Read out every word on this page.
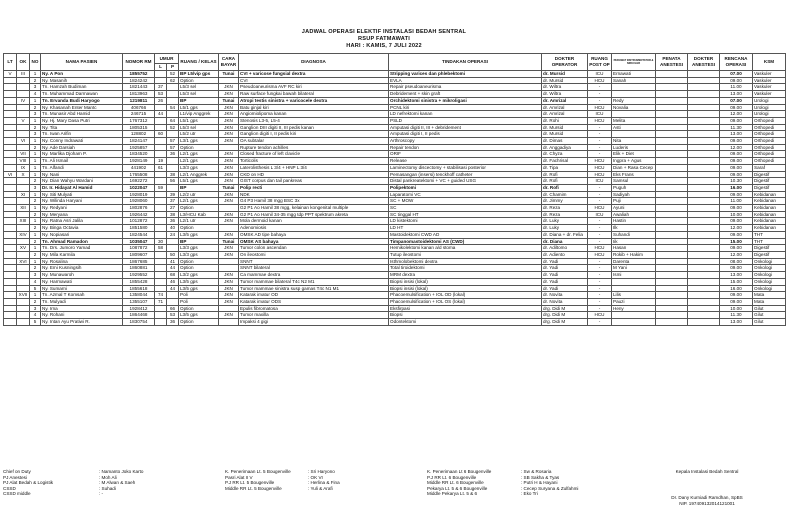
JADWAL OPERASI ELEKTIF INSTALASI BEDAH SENTRAL
RSUP FATMAWATI
HARI : KAMIS, 7 JULI 2022
LT	OK	NO	NAMA PASIEN	NOMOR RM	UMUR		RUANG / KELAS	CARA BAYAR	DIAGNOSA	TINDAKAN OPERASI	DOKTER OPERATOR	RUANG POST OP	PERAWAT INSTRUMENTATOR & SIRKULER	PENATA ANESTESI	DOKTER ANESTESI	RENCANA OPERASI	KSM
					L	P											
V	III	1	Ny. A Pon	1855752		52	BP L5/vip gps	Tunai	CVI + varicose fungsial dextra	Stripping varices dan phlebektomi	dr. Mursid	ICU	Ernawati			07.00	Vaskuler
		2	Ny. Masanih	1824242		62	Option		CVI	EVLA	dr. Mursid	HCU	Sanah			09.00	Vaskuler
		3	Tn. Hamzah Budiman	1821443	37		L5/3 sel	JKN	Pseudoaneurisma AVF RC kiri	Repair pseudoaneurisma	dr. Wiltra	-				11.00	Vaskuler
		4	Tn. Muhammad Darmawan	1813963	53		L5/3 sel	JKN	Raw surface fungkai bawah bilateral	Debridement + skin graft	dr. Wiltra	-				13.00	Vaskuler
	IV	1	Tn. Ervanda Budi Haryogo	1219811	26		BP	Tunai	Atropi testis sinistra + varicocele dextra	Orchidektomi sinistra + mikroligasi	dr. Amrizal	-	Redy			07.00	Urologi
		2	Ny. Khasanah Enter Mantc	406766		54	L5/1 gps	JKN	Batu ginjal kiri	PCNL kiri	dr. Amrizal	HCU	Novalia			09.00	Urologi
		3	Tn. Munasir Abd Hamid	246715	44		L1/vip Anggrek	JKN	Angiomiolipoma kanan	LD nefrektomi kanan	dr. Amrizal	ICU				12.00	Urologi
	V	1	Ny. Hj. Mary Dasa Putri	1767312		64	L5/1 gps	JKN	Stenosis L3-5, L5-4	PSLD	dr. Rohi	HCU	Melita			09.00	Orthopedi
		2	Ny. Tita	1805315		52	L5/3 sel	JKN	Ganglion DIII digiti II, III pedis kanan	Amputasi digiti II, III + debridement	dr. Mursid	-	Asti			11.30	Orthopedi
		3	Tn. Iwan Arifin	128802	60		L5/2 utr	JKN	Ganglion digiti I, II pedis kiri	Amputasi digiti I, II pedis	dr. Mursid	-				13.00	Orthopedi
	VI	1	Ny. Conny Indrawati	1824147		57	L3/1 gps	JKN	OA subtalar	Arthroscopy	dr. Dimas	-	Nita			09.00	Orthopedi
		2	Ny. Ade Darsiah	1925857		57	Option		Rupture tendon achilles	Repair tendon	dr. Anggadiya	-	Luderis			12.00	Orthopedi
	VII	1	Ny. Marlika Djoham P.	1834520		36	L2/1 gps	JKN	Closed fracture of left clavicle	ORIF	dr. Chyza	-	Elik + Diet			09.00	Orthopedi
	VIII	1	Tn. Ali Ismail	1928149	19		L2/1 gps	JKN	Torticolis	Release	dr. Fachrisal	HCU	Ingpra + Agus			09.00	Orthopedi
	IX	1	Tn. Alfandi	441902	61		L3/3 gps	JKN	Laterolisthesis L 3/4 + HNP L 3/4	Laminectomy discectomy + stabilisasi posterior	dr. Tipa	HCU	Dian + Rasa Cecep			09.00	Saraf
VI	X	1	Ny. Nani	1765508		38	L2/1 Anggrek	JKN	CKD on HD	Pemasangan (insersi) tenckhoff catheter	dr. Rofi	HCU	Eks Frans			09.00	Digestif
		2	Ny. Dian Wahyu Wardani	1692272		56	L5/1 gps	JKN	GIST corpus dan tail pankreas	Distal pankreatektomi + VC + guided USG	dr. Rofi	ICU	Samsul			10.30	Digestif
		3	Dr. Ir. Hidayat Al Hamid	1022047	59		BP	Tunai	Polip recti	Polipektomi	dr. Rofi	-	Puguh			16.00	Digestif
	XI	1	Ny. Siti Mulyati	1928019		39	L2/2 utr	JKN	NDK	Laparatomi VC	dr. Chamim	-	Sadiyah			09.00	Kebidanan
		2	Ny. Wilinda Haryani	1928060		37	L2/1 gps	JKN	G4 P3 Hamil 38 mgg BSC 3x	SC + MOW	dr. Jimmy	-	Puji			11.00	Kebidanan
	XII	1	Ny. Redyani	1802876		27	Option		G2 P1 Ao Hamil 38 mgg, kelainan kongenital multiple	SC	dr. Reza	HCU	Ayuni			09.00	Kebidanan
		2	Ny. Meryana	1926442		38	L3/HCU Kab	JKN	G2 P1 Ao Hamil 34-35 mgg tdp PPT spektrum akreta	SC tinggal HT	dr. Reza	ICU	Awaliah			10.00	Kebidanan
	XIII	1	Ny. Ratna Asri Jalila	1012872		36	L2/1 utr	JKN	Mola dermoid kanan	LD kistektomi	dr. Luky	-	Hastin			09.00	Kebidanan
		2	Ny. Binga Octavia	1851580		40	Option		Adenomiosis	LD HT	dr. Luky	-	Ilk			12.00	Kebidanan
	XIV	1	Ny. Nopiasari	1824544		24	L3/5 gps	JKN	OMSK AD tipe bahaya	Mastoidektomi CWD AD	dr. Diana + dr. Felia	-	Suhandi			09.00	THT
		2	Tn. Ahmad Ramadon	1035047	30		BP	Tunai	OMSK AS bahaya	Timpanomastoidektomi AS (CWD)	dr. Diana	-	Iik			15.00	THT
	XV	1	Tn. Drs. Jumoro Yamad	1087872	58		L3/3 gps	JKN	Tumor colon ascendan	Hemikolektomi kanan a/d stoma	dr. Adiltomo	HCU	Hasan			09.00	Digestif
		2	Ny. Mila Karmila	1809607		50	L3/3 gps	JKN	On ileostomi	Tutup ileostomi	dr. Adiento	HCU	Rokib + Hakim			12.00	Digestif
	XVI	1	Ny. Rosalina	1867685		41	Option		SNNT	Isthmolobektomi dextra	dr. Yadi	-	Darenta			08.00	Onkologi
		2	Ny. Emi Kusningsih	1860881		44	Option		SNNT bilateral	Total tiroidektomi	dr. Yadi	-	M Yani			09.00	Onkologi
		3	Ny. Munawaroh	1929552		68	L3/2 gps	JKN	Ca mammae dextra	MRM dextra	dr. Yadi	-	Ismi			13.00	Onkologi
		4	Ny. Harmawati	1855428		46	L3/5 gps	JKN	Tumor mammae bilateral T4c N2 M1	Biopsi insisi (lokal)	dr. Yadi	-				15.00	Onkologi
		5	Ny. Sumarni	1855618		44	L3/5 gps	JKN	Tumor mammae sinistra susp gamas T4c N1 M1	Biopsi insisi (lokal)	dr. Yadi	-				16.00	Onkologi
	XVII	1	Tn. Azmal T Komsah	1358044	74		Poli	JKN	Katarak imatur OD	Phacoemulsification + IOL OD (lokal)	dr. Novita	-	Lilis			09.00	Mata
		2	Tn. Mulyadi	1355107	71		Poli	JKN	Katarak imatur ODS	Phacoemulsification + IOL OS (lokal)	dr. Novita	-	Pauzi			09.00	Mata
		3	Ny. Irna	1928412		66	Option		Epulis fibromatosa	Eksfirpasi	drg. Didi M	-	Heny			10.00	Gilut
		4	Ny. Rohani	1864468		53	L3/5 gps	JKN	Tumor maxilla	Biopsi	drg. Didi M	HCU				11.30	Gilut
		5	Ny. Intan Ayu Pratiwi R.	1830754		36	Option		Impaksi 4 gigi	Odontektomi	drg. Didi M	-				13.00	Gilut
Chief on Duty
PJ Anestesi
PJ Alat Bedah & Logistik
CSSD
CSSD middle
: Namanto Joko Karto
: Moh Ali
: M Alwan & Saeh
: Suhadi
: -
K. Penerimaan Lt. 5 Bougenville
Pasri Alat II V
P.J RR Lt. 5 Bougenville
Middle RR Lt. 5 Bougenville
: Sri Haryono
: OK VI
: Herlina & Fina
: Yuli & Arafi
K. Penerimaan Lt 6 Bougenville
P.J RR Lt. 6 Bougenville
Middle RR Lt. 6 Bougenville
Pekarya Lt. 5 & 6 Bougenville
Middle Pekarya Lt. 5 & 6
: Sw & Rosaria
: SB Sakha & Tyas
: Putri H & Hayani
: Cecep Suryana & Zulfahmi
: Eko Tri
Kepala Instalasi Bedah Sentral
Dr. Dany Kurniadi Ramdhan, SpBS
NIP. 197409132014121001
